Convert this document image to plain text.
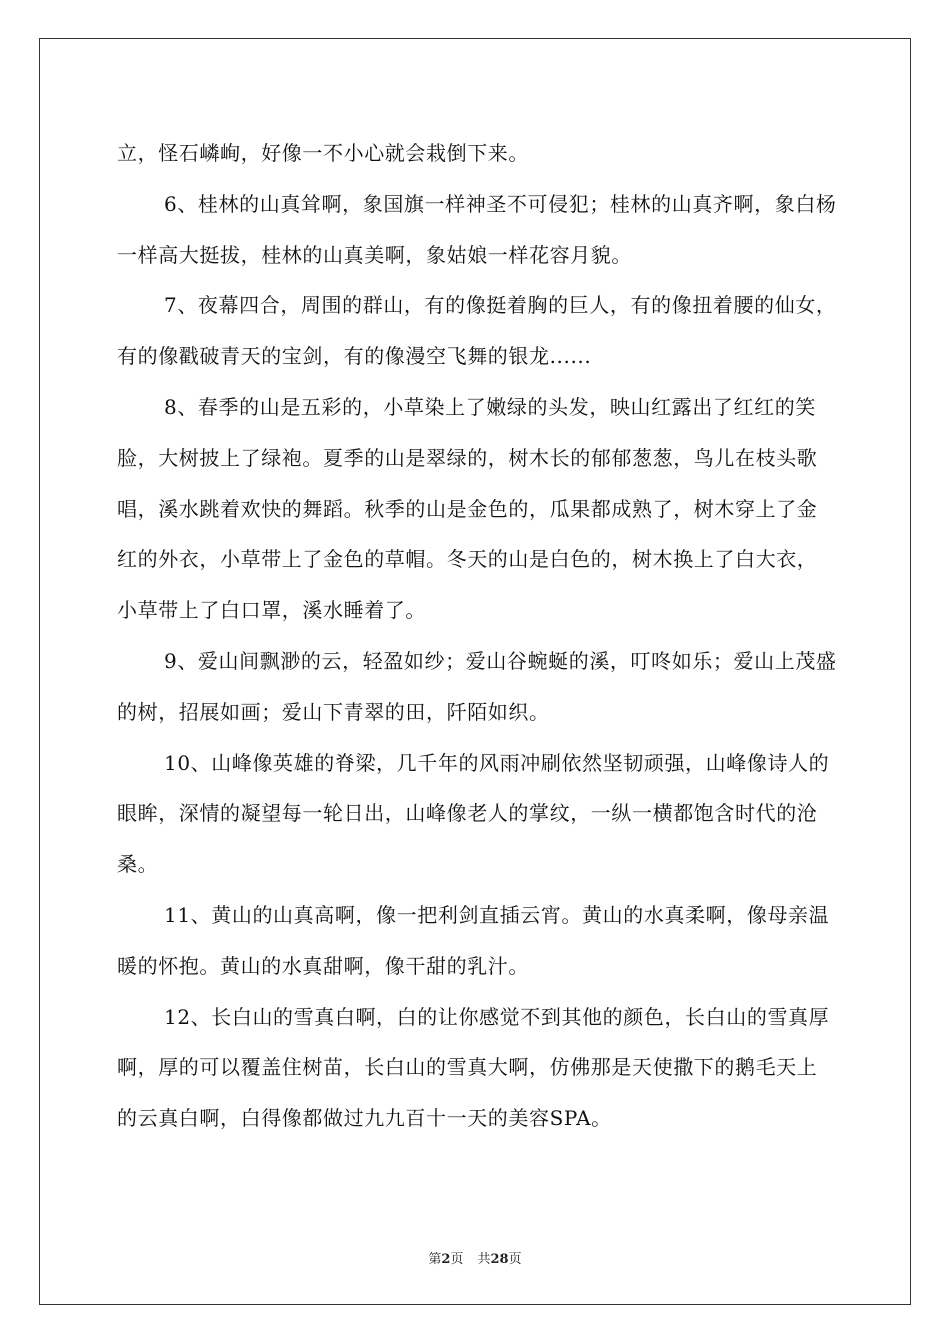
立，怪石嶙峋，好像一不小心就会栽倒下来。

6、桂林的山真耸啊，象国旗一样神圣不可侵犯；桂林的山真齐啊，象白杨一样高大挺拔，桂林的山真美啊，象姑娘一样花容月貌。

7、夜幕四合，周围的群山，有的像挺着胸的巨人，有的像扭着腰的仙女，有的像戳破青天的宝剑，有的像漫空飞舞的银龙......

8、春季的山是五彩的，小草染上了嫩绿的头发，映山红露出了红红的笑脸，大树披上了绿袍。夏季的山是翠绿的，树木长的郁郁葱葱，鸟儿在枝头歌唱，溪水跳着欢快的舞蹈。秋季的山是金色的，瓜果都成熟了，树木穿上了金红的外衣，小草带上了金色的草帽。冬天的山是白色的，树木换上了白大衣，小草带上了白口罩，溪水睡着了。

9、爱山间飘渺的云，轻盈如纱；爱山谷蜿蜒的溪，叮咚如乐；爱山上茂盛的树，招展如画；爱山下青翠的田，阡陌如织。

10、山峰像英雄的脊梁，几千年的风雨冲刷依然坚韧顽强，山峰像诗人的眼眸，深情的凝望每一轮日出，山峰像老人的掌纹，一纵一横都饱含时代的沧桑。

11、黄山的山真高啊，像一把利剑直插云宵。黄山的水真柔啊，像母亲温暖的怀抱。黄山的水真甜啊，像干甜的乳汁。

12、长白山的雪真白啊，白的让你感觉不到其他的颜色，长白山的雪真厚啊，厚的可以覆盖住树苗，长白山的雪真大啊，仿佛那是天使撒下的鹅毛天上的云真白啊，白得像都做过九九百十一天的美容SPA。

第2页 共28页
